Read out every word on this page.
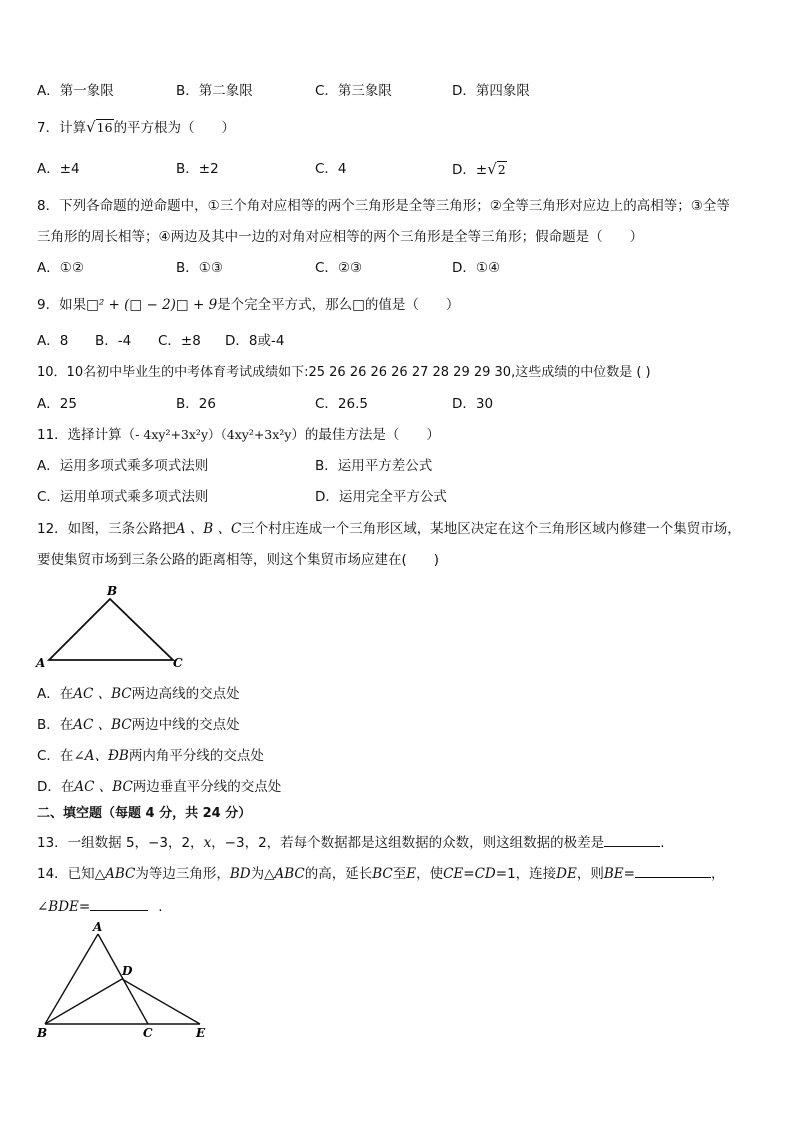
A．第一象限	B．第二象限	C．第三象限	D．第四象限
7．计算√16的平方根为（　　）
A．±4	B．±2	C．4	D．±√2
8．下列各命题的逆命题中，①三个角对应相等的两个三角形是全等三角形；②全等三角形对应边上的高相等；③全等
三角形的周长相等；④两边及其中一边的对角对应相等的两个三角形是全等三角形；假命题是（　　）
A．①②	B．①③	C．②③	D．①④
9．如果□² + (□ − 2)□ + 9是个完全平方式，那么□的值是（　　）
A．8 B．-4 C．±8 D．8或-4
10．10名初中毕业生的中考体育考试成绩如下:25 26 26 26 26 27 28 29 29 30,这些成绩的中位数是 ( )
A．25	B．26	C．26.5	D．30
11．选择计算（- 4xy²+3x²y）（4xy²+3x²y）的最佳方法是（　　）
A．运用多项式乘多项式法则	B．运用平方差公式
C．运用单项式乘多项式法则	D．运用完全平方公式
12．如图，三条公路把A 、B 、C三个村庄连成一个三角形区域，某地区决定在这个三角形区域内修建一个集贸市场，
要使集贸市场到三条公路的距离相等，则这个集贸市场应建在(　　)
B
A	C
A．在AC 、BC两边高线的交点处
B．在AC 、BC两边中线的交点处
C．在∠A、ÐB两内角平分线的交点处
D．在AC 、BC两边垂直平分线的交点处
二、填空题（每题 4 分，共 24 分）
13．一组数据 5，−3，2，x，−3，2，若每个数据都是这组数据的众数，则这组数据的极差是	.
14．已知△ABC为等边三角形，BD为△ABC的高，延长BC至E，使CE=CD=1，连接DE，则BE=	，
∠BDE=	.
A
D
B	C	E
